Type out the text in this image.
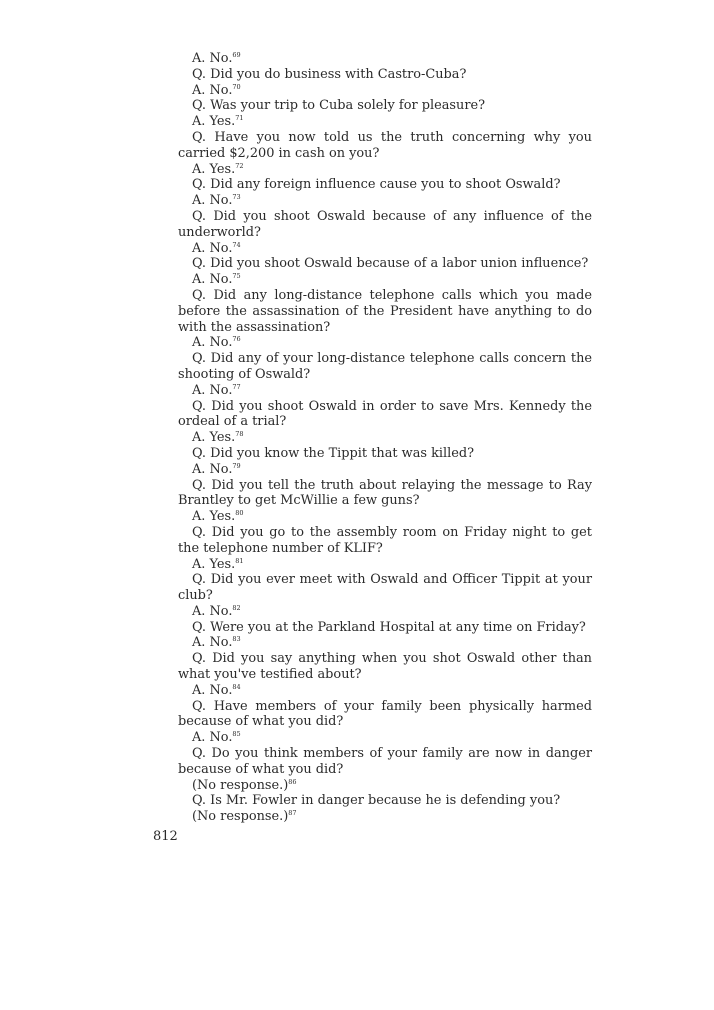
A. No.$^{69}$

Q. Did you do business with Castro-Cuba?

A. No.$^{70}$

Q. Was your trip to Cuba solely for pleasure?

A. Yes.$^{71}$

Q. Have you now told us the truth concerning why you carried $2,200 in cash on you?

A. Yes.$^{72}$

Q. Did any foreign influence cause you to shoot Oswald?

A. No.$^{73}$

Q. Did you shoot Oswald because of any influence of the underworld?

A. No.$^{74}$

Q. Did you shoot Oswald because of a labor union influence?

A. No.$^{75}$

Q. Did any long-distance telephone calls which you made before the assassination of the President have anything to do with the assassination?

A. No.$^{76}$

Q. Did any of your long-distance telephone calls concern the shooting of Oswald?

A. No.$^{77}$

Q. Did you shoot Oswald in order to save Mrs. Kennedy the ordeal of a trial?

A. Yes.$^{78}$

Q. Did you know the Tippit that was killed?

A. No.$^{79}$

Q. Did you tell the truth about relaying the message to Ray Brantley to get McWillie a few guns?

A. Yes.$^{80}$

Q. Did you go to the assembly room on Friday night to get the telephone number of KLIF?

A. Yes.$^{81}$

Q. Did you ever meet with Oswald and Officer Tippit at your club?

A. No.$^{82}$

Q. Were you at the Parkland Hospital at any time on Friday?

A. No.$^{83}$

Q. Did you say anything when you shot Oswald other than what you've testified about?

A. No.$^{84}$

Q. Have members of your family been physically harmed because of what you did?

A. No.$^{85}$

Q. Do you think members of your family are now in danger because of what you did?

(No response.)$^{86}$

Q. Is Mr. Fowler in danger because he is defending you?

(No response.)$^{87}$

812
